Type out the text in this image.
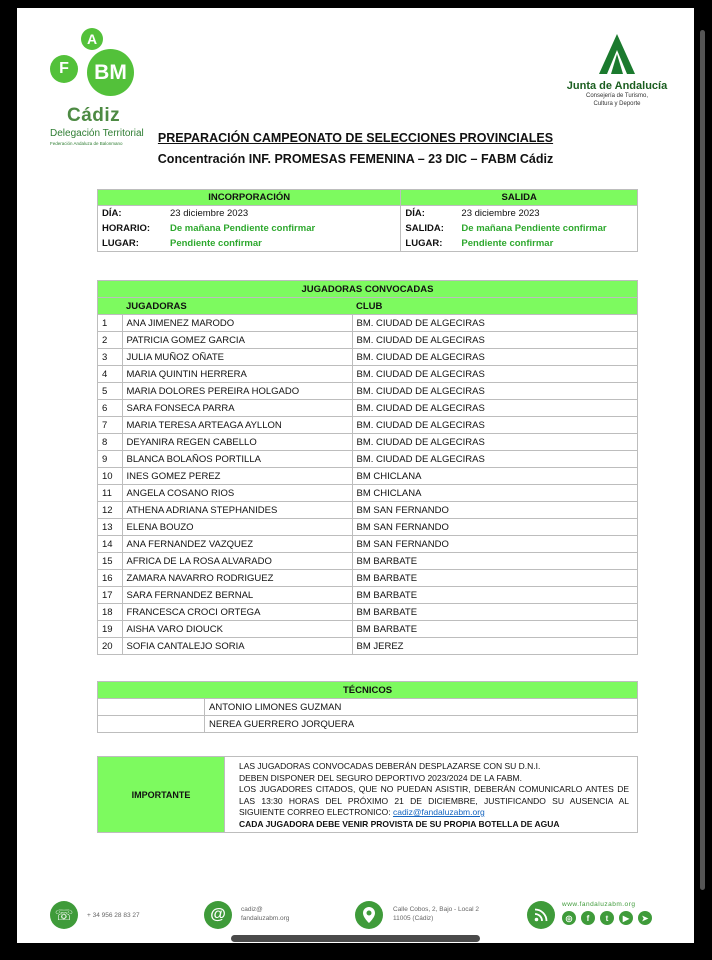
F
A
BM
Cádiz
Delegación Territorial
Federación Andaluza de Balonmano
Junta de Andalucía
Consejería de Turismo,
Cultura y Deporte
PREPARACIÓN CAMPEONATO DE SELECCIONES PROVINCIALES
Concentración INF. PROMESAS FEMENINA – 23 DIC – FABM Cádiz
INCORPORACIÓN		SALIDA	
DÍA:	23 diciembre 2023	DÍA:	23 diciembre 2023
HORARIO:	De mañana Pendiente confirmar	SALIDA:	De mañana Pendiente confirmar
LUGAR:	Pendiente confirmar	LUGAR:	Pendiente confirmar
JUGADORAS CONVOCADAS		
	JUGADORAS	CLUB
1	ANA JIMENEZ MARODO	BM. CIUDAD DE ALGECIRAS
2	PATRICIA GOMEZ GARCIA	BM. CIUDAD DE ALGECIRAS
3	JULIA MUÑOZ OÑATE	BM. CIUDAD DE ALGECIRAS
4	MARIA QUINTIN HERRERA	BM. CIUDAD DE ALGECIRAS
5	MARIA DOLORES PEREIRA HOLGADO	BM. CIUDAD DE ALGECIRAS
6	SARA FONSECA PARRA	BM. CIUDAD DE ALGECIRAS
7	MARIA TERESA ARTEAGA AYLLON	BM. CIUDAD DE ALGECIRAS
8	DEYANIRA REGEN CABELLO	BM. CIUDAD DE ALGECIRAS
9	BLANCA BOLAÑOS PORTILLA	BM. CIUDAD DE ALGECIRAS
10	INES GOMEZ PEREZ	BM CHICLANA
11	ANGELA COSANO RIOS	BM CHICLANA
12	ATHENA ADRIANA STEPHANIDES	BM SAN FERNANDO
13	ELENA BOUZO	BM SAN FERNANDO
14	ANA FERNANDEZ VAZQUEZ	BM SAN FERNANDO
15	AFRICA DE LA ROSA ALVARADO	BM BARBATE
16	ZAMARA NAVARRO RODRIGUEZ	BM BARBATE
17	SARA FERNANDEZ BERNAL	BM BARBATE
18	FRANCESCA CROCI ORTEGA	BM BARBATE
19	AISHA VARO DIOUCK	BM BARBATE
20	SOFIA CANTALEJO SORIA	BM JEREZ
TÉCNICOS	
	ANTONIO LIMONES GUZMAN
	NEREA GUERRERO JORQUERA
IMPORTANTE	
LAS JUGADORAS CONVOCADAS DEBERÁN DESPLAZARSE CON SU D.N.I.
DEBEN DISPONER DEL SEGURO DEPORTIVO 2023/2024 DE LA FABM.
LOS JUGADORES CITADOS, QUE NO PUEDAN ASISTIR, DEBERÁN COMUNICARLO ANTES DE LAS 13:30 HORAS DEL PRÓXIMO 21 DE DICIEMBRE, JUSTIFICANDO SU AUSENCIA AL SIGUIENTE CORREO ELECTRONICO: cadiz@fandaluzabm.org
CADA JUGADORA DEBE VENIR PROVISTA DE SU PROPIA BOTELLA DE AGUA
☏	+ 34 956 28 83 27	@	cadiz@
fandaluzabm.org
Calle Cobos, 2, Bajo - Local 2
11005 (Cádiz)
www.fandaluzabm.org
◎	f	t	▶	➤
